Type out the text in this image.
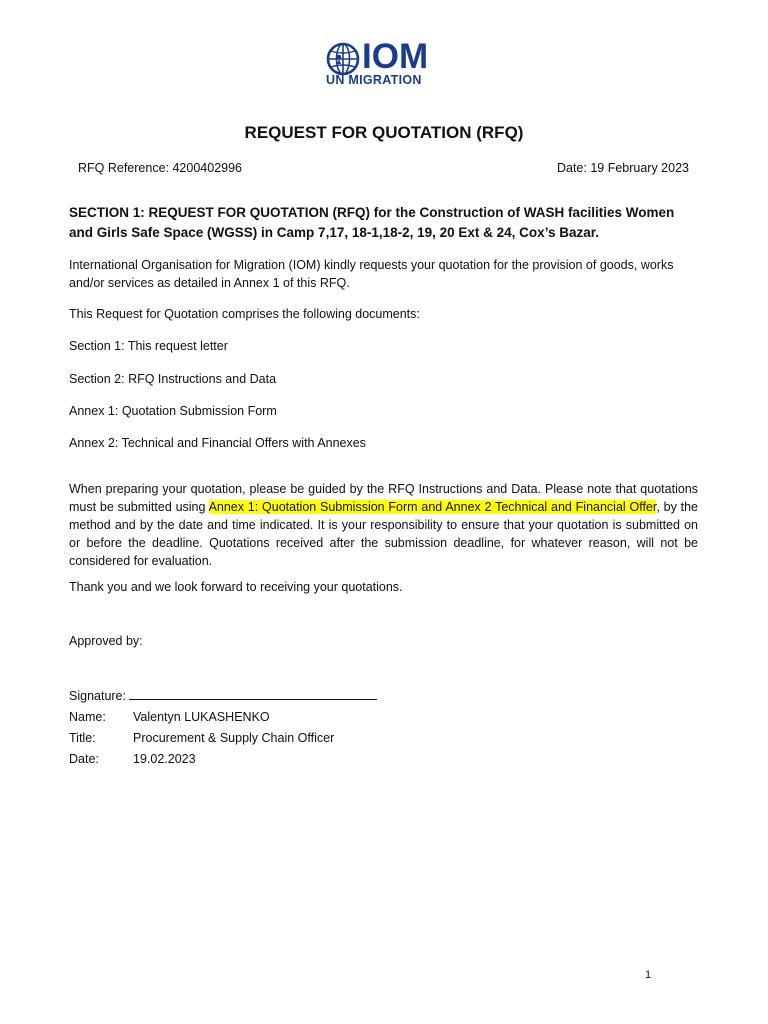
IOM
UN MIGRATION
REQUEST FOR QUOTATION (RFQ)
RFQ Reference: 4200402996	Date: 19 February 2023
SECTION 1: REQUEST FOR QUOTATION (RFQ) for the Construction of WASH facilities Women and Girls Safe Space (WGSS) in Camp 7,17, 18-1,18-2, 19, 20 Ext & 24, Cox’s Bazar.
International Organisation for Migration (IOM) kindly requests your quotation for the provision of goods, works and/or services as detailed in Annex 1 of this RFQ.
This Request for Quotation comprises the following documents:
Section 1: This request letter
Section 2: RFQ Instructions and Data
Annex 1: Quotation Submission Form
Annex 2: Technical and Financial Offers with Annexes
When preparing your quotation, please be guided by the RFQ Instructions and Data. Please note that quotations must be submitted using Annex 1: Quotation Submission Form and Annex 2 Technical and Financial Offer, by the method and by the date and time indicated. It is your responsibility to ensure that your quotation is submitted on or before the deadline. Quotations received after the submission deadline, for whatever reason, will not be considered for evaluation.
Thank you and we look forward to receiving your quotations.
Approved by:
Signature:
Name:	Valentyn LUKASHENKO
Title:	Procurement & Supply Chain Officer
Date:	19.02.2023
1
